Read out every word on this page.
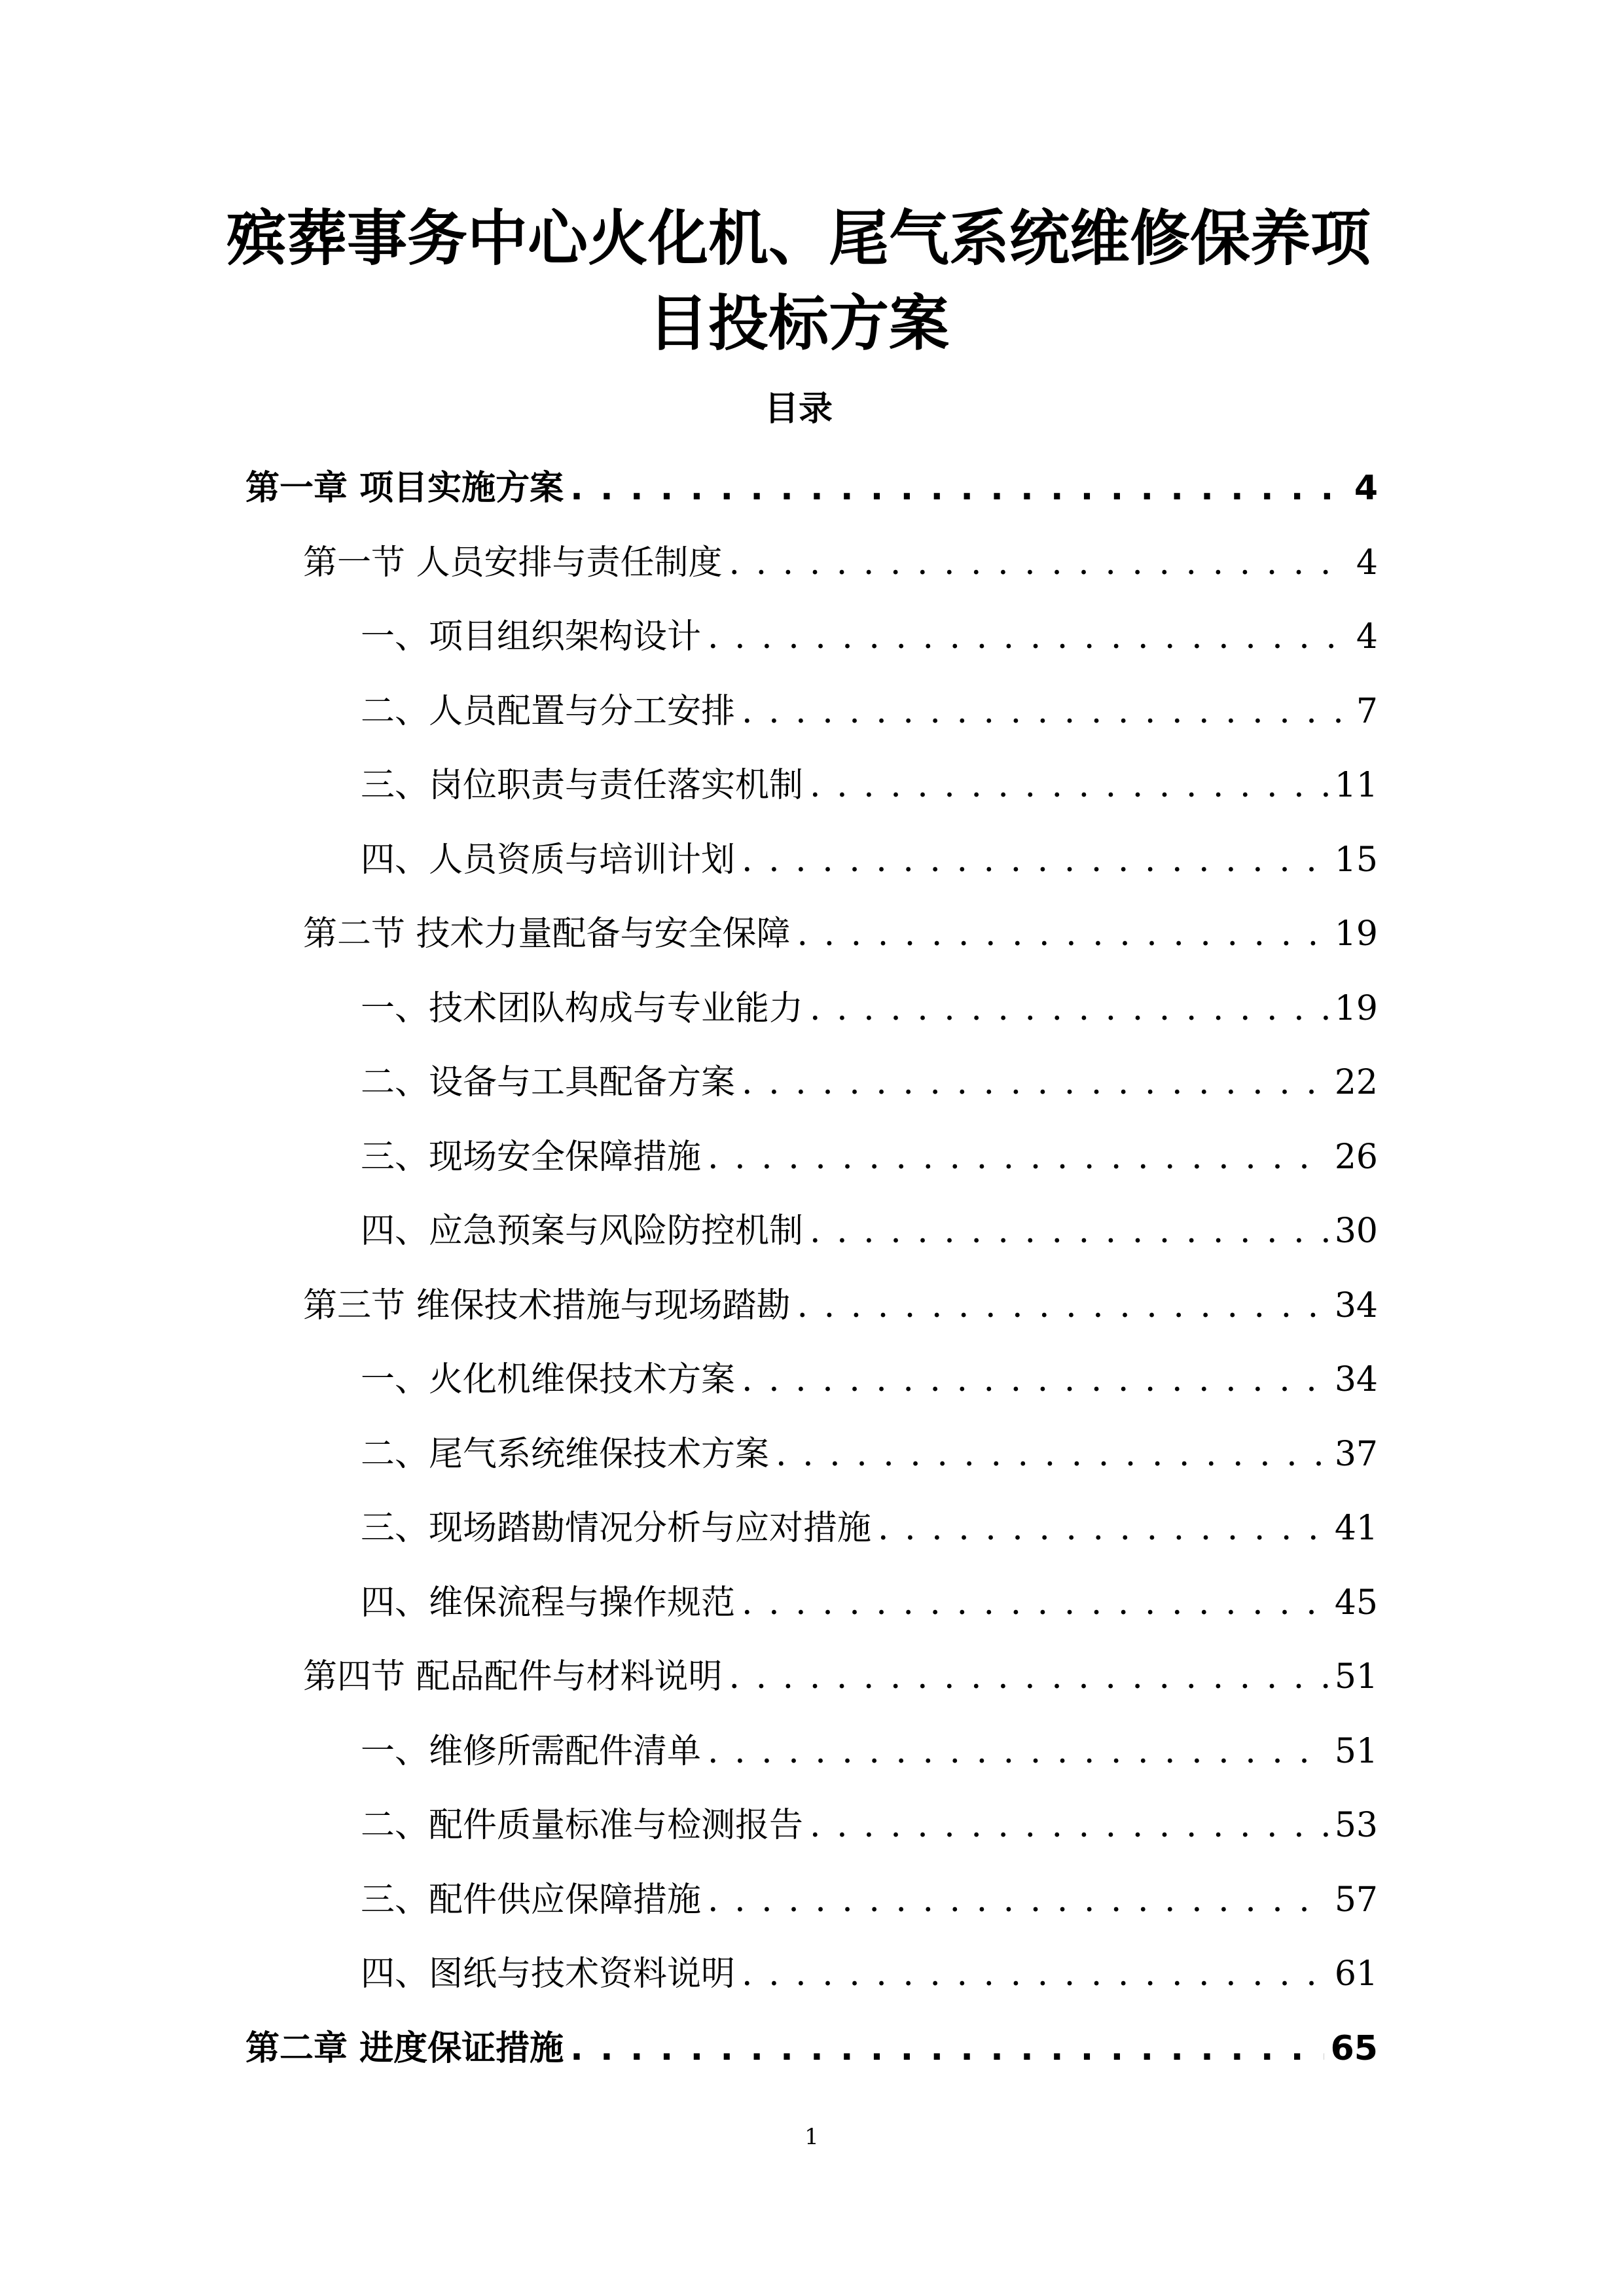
殡葬事务中心火化机、尾气系统维修保养项
目投标方案
目录
第一章 项目实施方案 . . .	4
第一节 人员安排与责任制度 . . .	4
一、项目组织架构设计 . . .	4
二、人员配置与分工安排 . . .	7
三、岗位职责与责任落实机制 . . .	11
四、人员资质与培训计划 . . .	15
第二节 技术力量配备与安全保障 . . .	19
一、技术团队构成与专业能力 . . .	19
二、设备与工具配备方案 . . .	22
三、现场安全保障措施 . . .	26
四、应急预案与风险防控机制 . . .	30
第三节 维保技术措施与现场踏勘 . . .	34
一、火化机维保技术方案 . . .	34
二、尾气系统维保技术方案 . . .	37
三、现场踏勘情况分析与应对措施 . . .	41
四、维保流程与操作规范 . . .	45
第四节 配品配件与材料说明 . . .	51
一、维修所需配件清单 . . .	51
二、配件质量标准与检测报告 . . .	53
三、配件供应保障措施 . . .	57
四、图纸与技术资料说明 . . .	61
第二章 进度保证措施 . . .	65

1
